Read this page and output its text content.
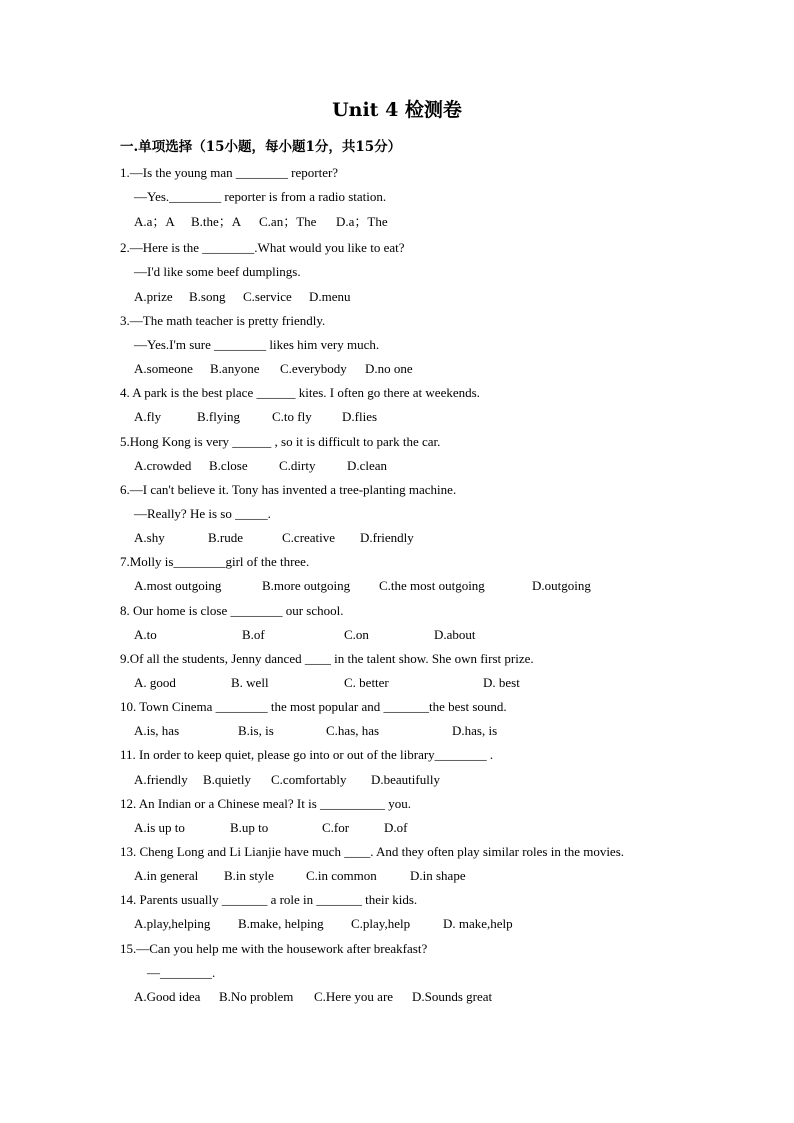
Unit 4 检测卷
一.单项选择（15小题，每小题1分，共15分）
1.—Is the young man ________ reporter?
—Yes.________ reporter is from a radio station.
A.a；A B.the；A C.an；The D.a；The
2.—Here is the ________.What would you like to eat?
—I'd like some beef dumplings.
A.prize B.song C.service D.menu
3.—The math teacher is pretty friendly.
—Yes.I'm sure ________ likes him very much.
A.someone B.anyone C.everybody D.no one
4. A park is the best place ______ kites. I often go there at weekends.
A.fly	B.flying C.to fly D.flies
5.Hong Kong is very ______ , so it is difficult to park the car.
A.crowded B.close C.dirty D.clean
6.—I can't believe it. Tony has invented a tree-planting machine.
—Really? He is so _____.
A.shy	B.rude	C.creative D.friendly
7.Molly is________girl of the three.
A.most outgoing	B.more outgoing C.the most outgoing	D.outgoing
8. Our home is close ________ our school.
A.to	B.of	C.on	D.about
9.Of all the students, Jenny danced ____ in the talent show. She own first prize.
A. good	B. well	C. better	D. best
10. Town Cinema ________ the most popular and _______the best sound.
A.is, has	B.is, is	C.has, has	D.has, is
11. In order to keep quiet, please go into or out of the library________ .
A.friendly B.quietly C.comfortably D.beautifully
12. An Indian or a Chinese meal? It is __________ you.
A.is up to	B.up to	C.for	D.of
13. Cheng Long and Li Lianjie have much ____. And they often play similar roles in the movies.
A.in general B.in style C.in common	D.in shape
14. Parents usually _______ a role in _______ their kids.
A.play,helping B.make, helping C.play,help	D. make,help
15.—Can you help me with the housework after breakfast?
—________.
A.Good idea B.No problem C.Here you are D.Sounds great
